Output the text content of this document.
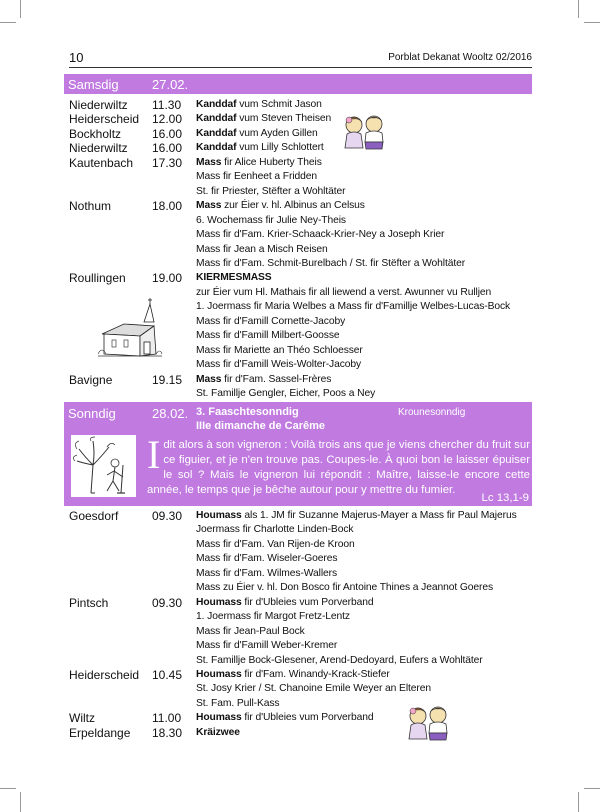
10	Porblat Dekanat Wooltz 02/2016
Samsdig	27.02.
Niederwiltz	11.30	Kanddaf vum Schmit Jason
Heiderscheid	12.00	Kanddaf vum Steven Theisen
Bockholtz	16.00	Kanddaf vum Ayden Gillen
Niederwiltz	16.00	Kanddaf vum Lilly Schlottert
Kautenbach	17.30	Mass fir Alice Huberty Theis
Mass fir Eenheet a Fridden
St. fir Priester, Stëfter a Wohltäter
Nothum	18.00	Mass zur Éier v. hl. Albinus an Celsus
6. Wochemass fir Julie Ney-Theis
Mass fir d'Fam. Krier-Schaack-Krier-Ney a Joseph Krier
Mass fir Jean a Misch Reisen
Mass fir d'Fam. Schmit-Burelbach / St. fir Stëfter a Wohltäter
Roullingen	19.00	KIERMESMASS
zur Éier vum Hl. Mathais fir all liewend a verst. Awunner vu Rulljen
1. Joermass fir Maria Welbes a Mass fir d'Famillje Welbes-Lucas-Bock
Mass fir d'Famill Cornette-Jacoby
Mass fir d'Famill Milbert-Goosse
Mass fir Mariette an Théo Schloesser
Mass fir d'Famill Weis-Wolter-Jacoby
Bavigne	19.15	Mass fir d'Fam. Sassel-Frères
St. Famillje Gengler, Eicher, Poos a Ney
Sonndig	28.02. 3. Faaschtesonndig	Krounesonndig
IIIe dimanche de Carême
Idit alors à son vigneron : Voilà trois ans que je viens chercher du fruit sur ce figuier, et je n'en trouve pas. Coupes-le. À quoi bon le laisser épuiser le sol ? Mais le vigneron lui répondit : Maître, laisse-le encore cette année, le temps que je bêche autour pour y mettre du fumier.
Lc 13,1-9
Goesdorf	09.30	Houmass als 1. JM fir Suzanne Majerus-Mayer a Mass fir Paul Majerus
Joermass fir Charlotte Linden-Bock
Mass fir d'Fam. Van Rijen-de Kroon
Mass fir d'Fam. Wiseler-Goeres
Mass fir d'Fam. Wilmes-Wallers
Mass zu Éier v. hl. Don Bosco fir Antoine Thines a Jeannot Goeres
Pintsch	09.30	Houmass fir d'Ubleies vum Porverband
1. Joermass fir Margot Fretz-Lentz
Mass fir Jean-Paul Bock
Mass fir d'Famill Weber-Kremer
St. Famillje Bock-Glesener, Arend-Dedoyard, Eufers a Wohltäter
Heiderscheid	10.45	Houmass fir d'Fam. Winandy-Krack-Stiefer
St. Josy Krier / St. Chanoine Emile Weyer an Elteren
St. Fam. Pull-Kass
Wiltz	11.00	Houmass fir d'Ubleies vum Porverband
Erpeldange	18.30	Kräizwee
